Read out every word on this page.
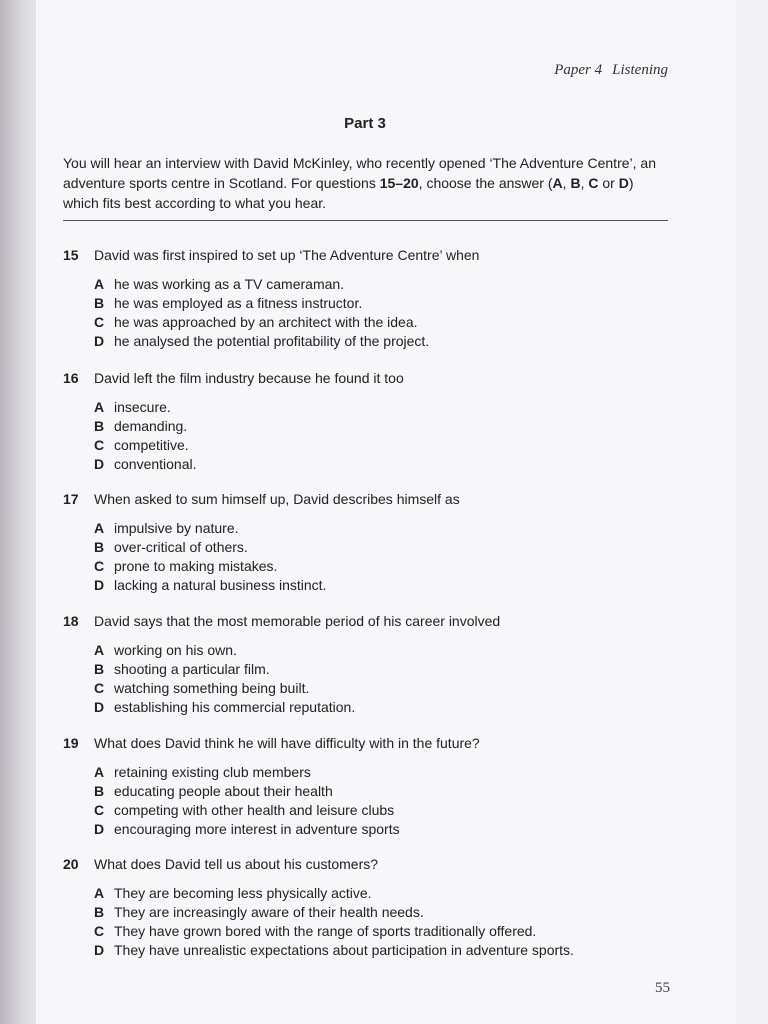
Paper 4 Listening
Part 3
You will hear an interview with David McKinley, who recently opened ‘The Adventure Centre’, an adventure sports centre in Scotland. For questions 15–20, choose the answer (A, B, C or D) which fits best according to what you hear.
15	David was first inspired to set up ‘The Adventure Centre’ when
A he was working as a TV cameraman.
B he was employed as a fitness instructor.
C he was approached by an architect with the idea.
D he analysed the potential profitability of the project.
16	David left the film industry because he found it too
A insecure.
B demanding.
C competitive.
D conventional.
17	When asked to sum himself up, David describes himself as
A impulsive by nature.
B over-critical of others.
C prone to making mistakes.
D lacking a natural business instinct.
18	David says that the most memorable period of his career involved
A working on his own.
B shooting a particular film.
C watching something being built.
D establishing his commercial reputation.
19	What does David think he will have difficulty with in the future?
A retaining existing club members
B educating people about their health
C competing with other health and leisure clubs
D encouraging more interest in adventure sports
20	What does David tell us about his customers?
A They are becoming less physically active.
B They are increasingly aware of their health needs.
C They have grown bored with the range of sports traditionally offered.
D They have unrealistic expectations about participation in adventure sports.
55
